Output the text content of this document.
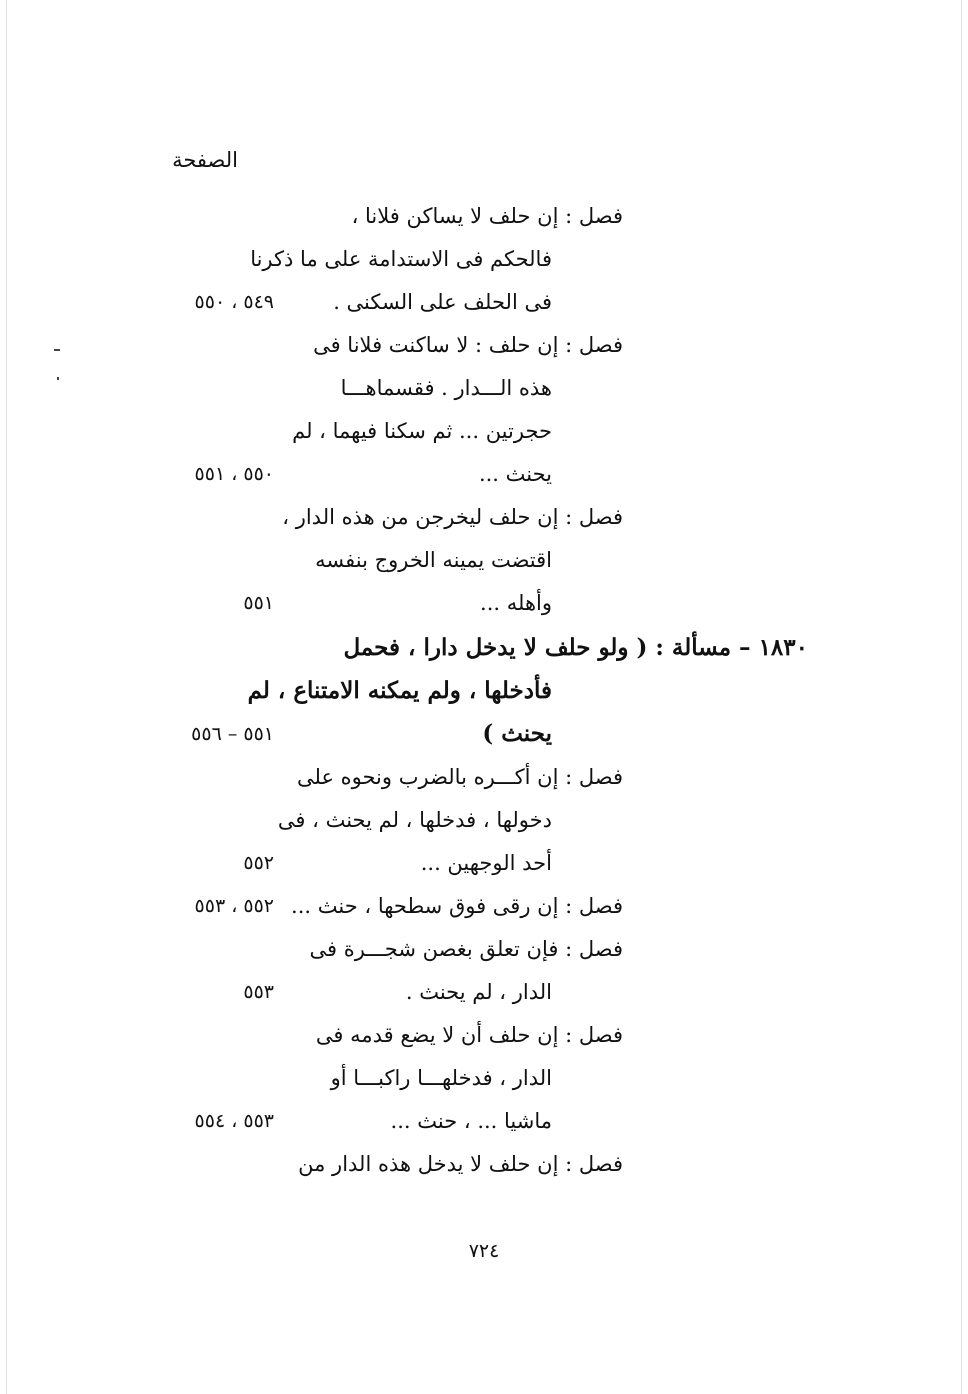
الصفحة
فصل : إن حلف لا يساكن فلانا ،
فالحكم فى الاستدامة على ما ذكرنا
فى الحلف على السكنى .
٥٤٩ ، ٥٥٠
فصل : إن حلف : لا ساكنت فلانا فى
هذه الـــدار . فقسماهـــا
حجرتين ... ثم سكنا فيهما ، لم
يحنث ...
٥٥٠ ، ٥٥١
فصل : إن حلف ليخرجن من هذه الدار ،
اقتضت يمينه الخروج بنفسه
وأهله ...
٥٥١
١٨٣٠ – مسألة : ( ولو حلف لا يدخل دارا ، فحمل
فأدخلها ، ولم يمكنه الامتناع ، لم
يحنث )
٥٥١ – ٥٥٦
فصل : إن أكـــره بالضرب ونحوه على
دخولها ، فدخلها ، لم يحنث ، فى
أحد الوجهين ...
٥٥٢
فصل : إن رقى فوق سطحها ، حنث ...
٥٥٢ ، ٥٥٣
فصل : فإن تعلق بغصن شجـــرة فى
الدار ، لم يحنث .
٥٥٣
فصل : إن حلف أن لا يضع قدمه فى
الدار ، فدخلهـــا راكبـــا أو
ماشيا ... ، حنث ...
٥٥٣ ، ٥٥٤
فصل : إن حلف لا يدخل هذه الدار من
٧٢٤
